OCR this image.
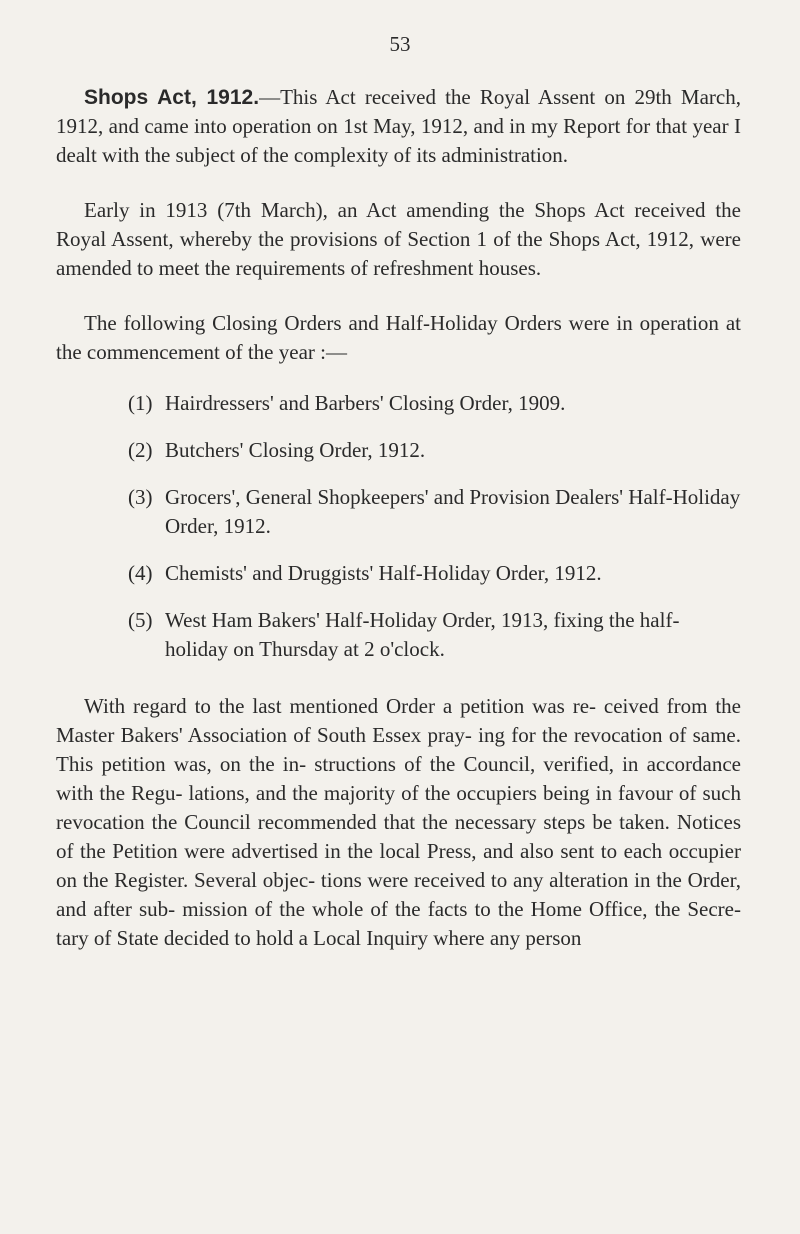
53

Shops Act, 1912.—This Act received the Royal Assent on 29th March, 1912, and came into operation on 1st May, 1912, and in my Report for that year I dealt with the subject of the complexity of its administration.

Early in 1913 (7th March), an Act amending the Shops Act received the Royal Assent, whereby the provisions of Section 1 of the Shops Act, 1912, were amended to meet the requirements of refreshment houses.

The following Closing Orders and Half-Holiday Orders were in operation at the commencement of the year :—

(1) Hairdressers' and Barbers' Closing Order, 1909.
(2) Butchers' Closing Order, 1912.
(3) Grocers', General Shopkeepers' and Provision Dealers' Half-Holiday Order, 1912.
(4) Chemists' and Druggists' Half-Holiday Order, 1912.
(5) West Ham Bakers' Half-Holiday Order, 1913, fixing the half-holiday on Thursday at 2 o'clock.

With regard to the last mentioned Order a petition was re- ceived from the Master Bakers' Association of South Essex pray- ing for the revocation of same. This petition was, on the in- structions of the Council, verified, in accordance with the Regu- lations, and the majority of the occupiers being in favour of such revocation the Council recommended that the necessary steps be taken. Notices of the Petition were advertised in the local Press, and also sent to each occupier on the Register. Several objec- tions were received to any alteration in the Order, and after sub- mission of the whole of the facts to the Home Office, the Secre- tary of State decided to hold a Local Inquiry where any person
